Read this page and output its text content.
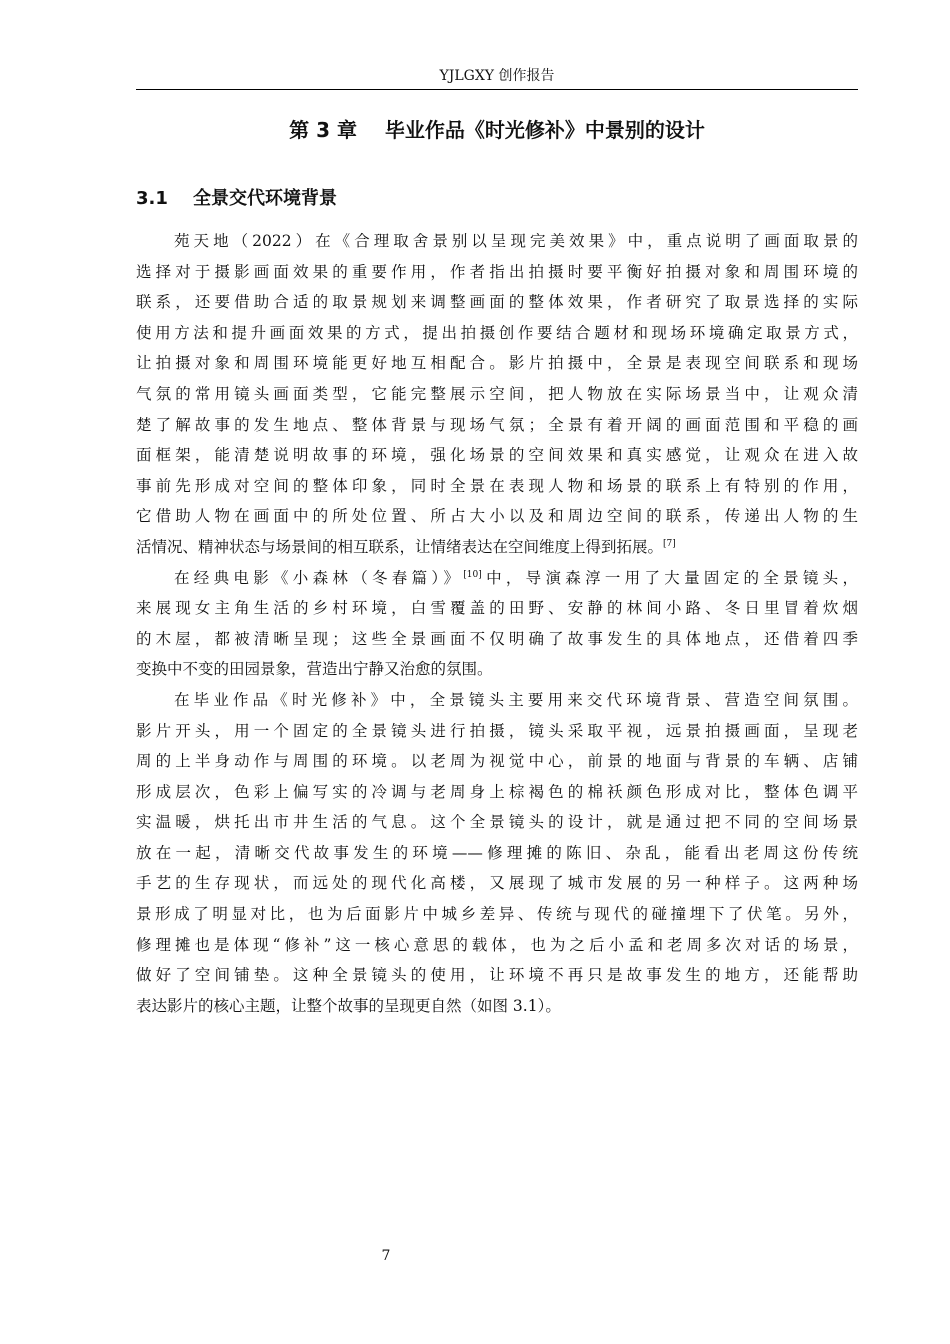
YJLGXY 创作报告
第 3 章    毕业作品《时光修补》中景别的设计
3.1    全景交代环境背景
苑天地（2022）在《合理取舍景别以呈现完美效果》中，重点说明了画面取景的
选择对于摄影画面效果的重要作用，作者指出拍摄时要平衡好拍摄对象和周围环境的
联系，还要借助合适的取景规划来调整画面的整体效果，作者研究了取景选择的实际
使用方法和提升画面效果的方式，提出拍摄创作要结合题材和现场环境确定取景方式，
让拍摄对象和周围环境能更好地互相配合。影片拍摄中，全景是表现空间联系和现场
气氛的常用镜头画面类型，它能完整展示空间，把人物放在实际场景当中，让观众清
楚了解故事的发生地点、整体背景与现场气氛；全景有着开阔的画面范围和平稳的画
面框架，能清楚说明故事的环境，强化场景的空间效果和真实感觉，让观众在进入故
事前先形成对空间的整体印象，同时全景在表现人物和场景的联系上有特别的作用，
它借助人物在画面中的所处位置、所占大小以及和周边空间的联系，传递出人物的生
活情况、精神状态与场景间的相互联系，让情绪表达在空间维度上得到拓展。[7]
在经典电影《小森林（冬春篇）》[10]中，导演森淳一用了大量固定的全景镜头，
来展现女主角生活的乡村环境，白雪覆盖的田野、安静的林间小路、冬日里冒着炊烟
的木屋，都被清晰呈现；这些全景画面不仅明确了故事发生的具体地点，还借着四季
变换中不变的田园景象，营造出宁静又治愈的氛围。
在毕业作品《时光修补》中，全景镜头主要用来交代环境背景、营造空间氛围。
影片开头，用一个固定的全景镜头进行拍摄，镜头采取平视，远景拍摄画面，呈现老
周的上半身动作与周围的环境。以老周为视觉中心，前景的地面与背景的车辆、店铺
形成层次，色彩上偏写实的冷调与老周身上棕褐色的棉袄颜色形成对比，整体色调平
实温暖，烘托出市井生活的气息。这个全景镜头的设计，就是通过把不同的空间场景
放在一起，清晰交代故事发生的环境——修理摊的陈旧、杂乱，能看出老周这份传统
手艺的生存现状，而远处的现代化高楼，又展现了城市发展的另一种样子。这两种场
景形成了明显对比，也为后面影片中城乡差异、传统与现代的碰撞埋下了伏笔。另外，
修理摊也是体现“修补”这一核心意思的载体，也为之后小孟和老周多次对话的场景，
做好了空间铺垫。这种全景镜头的使用，让环境不再只是故事发生的地方，还能帮助
表达影片的核心主题，让整个故事的呈现更自然（如图 3.1）。
7
